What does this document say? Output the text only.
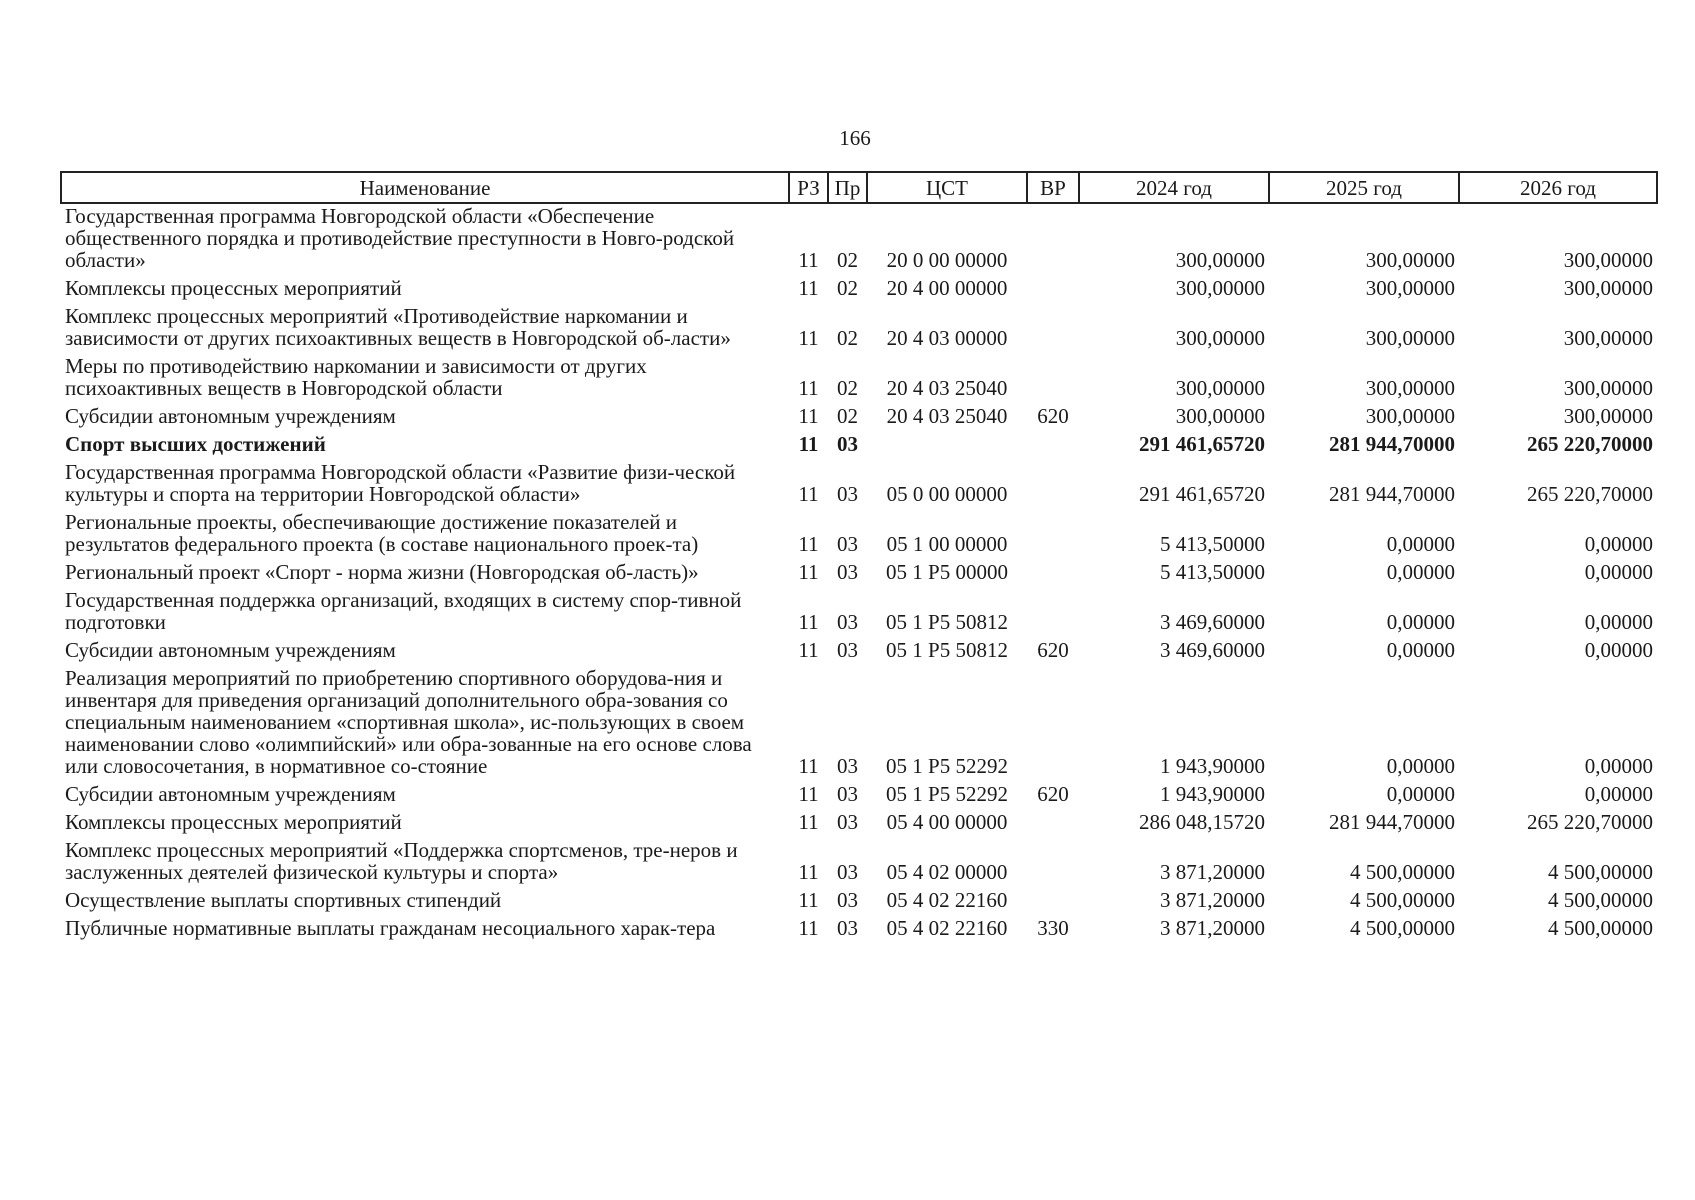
166
Наименование	РЗ	Пр	ЦСТ	ВР	2024 год	2025 год	2026 год
Государственная программа Новгородской области «Обеспечение общественного порядка и противодействие преступности в Новго-родской области»	11	02	20 0 00 00000		300,00000	300,00000	300,00000
Комплексы процессных мероприятий	11	02	20 4 00 00000		300,00000	300,00000	300,00000
Комплекс процессных мероприятий «Противодействие наркомании и зависимости от других психоактивных веществ в Новгородской об-ласти»	11	02	20 4 03 00000		300,00000	300,00000	300,00000
Меры по противодействию наркомании и зависимости от других психоактивных веществ в Новгородской области	11	02	20 4 03 25040		300,00000	300,00000	300,00000
Субсидии автономным учреждениям	11	02	20 4 03 25040	620	300,00000	300,00000	300,00000
Спорт высших достижений	11	03			291 461,65720	281 944,70000	265 220,70000
Государственная программа Новгородской области «Развитие физи-ческой культуры и спорта на территории Новгородской области»	11	03	05 0 00 00000		291 461,65720	281 944,70000	265 220,70000
Региональные проекты, обеспечивающие достижение показателей и результатов федерального проекта (в составе национального проек-та)	11	03	05 1 00 00000		5 413,50000	0,00000	0,00000
Региональный проект «Спорт - норма жизни (Новгородская об-ласть)»	11	03	05 1 P5 00000		5 413,50000	0,00000	0,00000
Государственная поддержка организаций, входящих в систему спор-тивной подготовки	11	03	05 1 P5 50812		3 469,60000	0,00000	0,00000
Субсидии автономным учреждениям	11	03	05 1 P5 50812	620	3 469,60000	0,00000	0,00000
Реализация мероприятий по приобретению спортивного оборудова-ния и инвентаря для приведения организаций дополнительного обра-зования со специальным наименованием «спортивная школа», ис-пользующих в своем наименовании слово «олимпийский» или обра-зованные на его основе слова или словосочетания, в нормативное со-стояние	11	03	05 1 P5 52292		1 943,90000	0,00000	0,00000
Субсидии автономным учреждениям	11	03	05 1 P5 52292	620	1 943,90000	0,00000	0,00000
Комплексы процессных мероприятий	11	03	05 4 00 00000		286 048,15720	281 944,70000	265 220,70000
Комплекс процессных мероприятий «Поддержка спортсменов, тре-неров и заслуженных деятелей физической культуры и спорта»	11	03	05 4 02 00000		3 871,20000	4 500,00000	4 500,00000
Осуществление выплаты спортивных стипендий	11	03	05 4 02 22160		3 871,20000	4 500,00000	4 500,00000
Публичные нормативные выплаты гражданам несоциального харак-тера	11	03	05 4 02 22160	330	3 871,20000	4 500,00000	4 500,00000
